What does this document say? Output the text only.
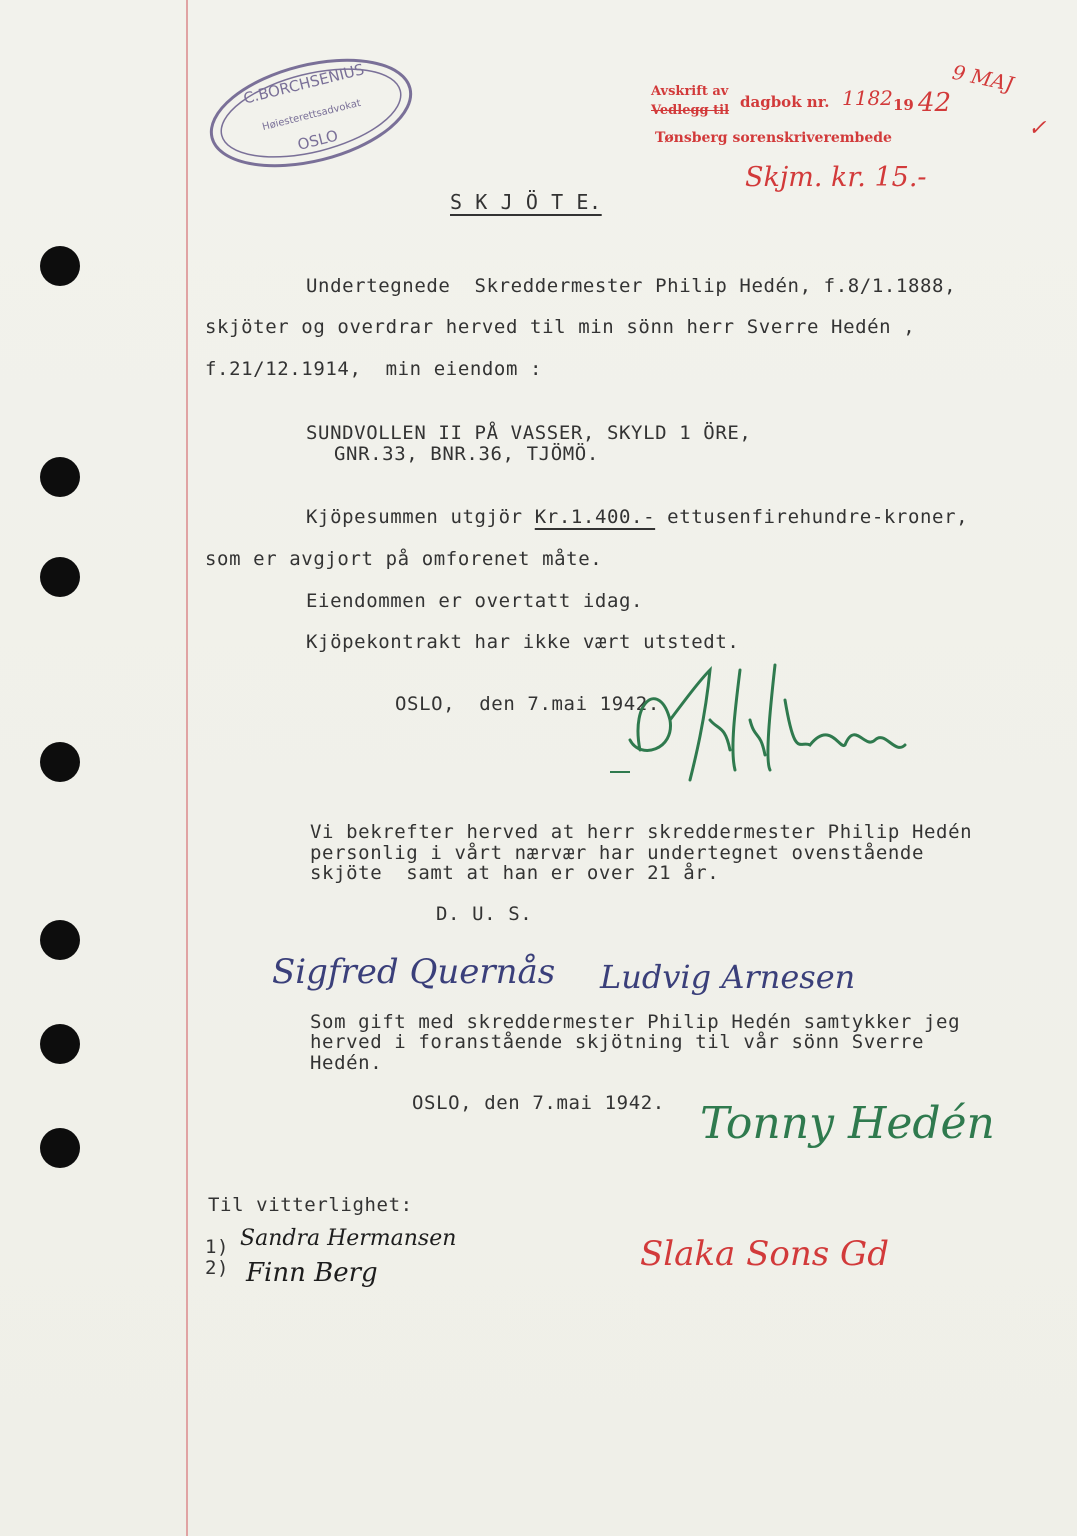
C.BORCHSENIUS
Høiesterettsadvokat
OSLO
Avskrift av
Vedlegg til dagbok nr. 1182 19 42
9 MAJ
✓
Tønsberg sorenskriverembede
Skjm. kr. 15.-
S K J Ö T E.
Undertegnede  Skreddermester Philip Hedén, f.8/1.1888,
skjöter og overdrar herved til min sönn herr Sverre Hedén ,
f.21/12.1914,  min eiendom :
SUNDVOLLEN II PÅ VASSER, SKYLD 1 ÖRE,
GNR.33, BNR.36, TJÖMÖ.
Kjöpesummen utgjör Kr.1.400.- ettusenfirehundre-kroner,
som er avgjort på omforenet måte.
Eiendommen er overtatt idag.
Kjöpekontrakt har ikke vært utstedt.
OSLO,  den 7.mai 1942.
Vi bekrefter herved at herr skreddermester Philip Hedén
personlig i vårt nærvær har undertegnet ovenstående
skjöte  samt at han er over 21 år.
D. U. S.
Sigfred Quernås Ludvig Arnesen
Som gift med skreddermester Philip Hedén samtykker jeg
herved i foranstående skjötning til vår sönn Sverre
Hedén.
OSLO, den 7.mai 1942. Tonny Hedén
Til vitterlighet:
1)
2)
Sandra Hermansen
Finn Berg	Slaka Sons Gd
